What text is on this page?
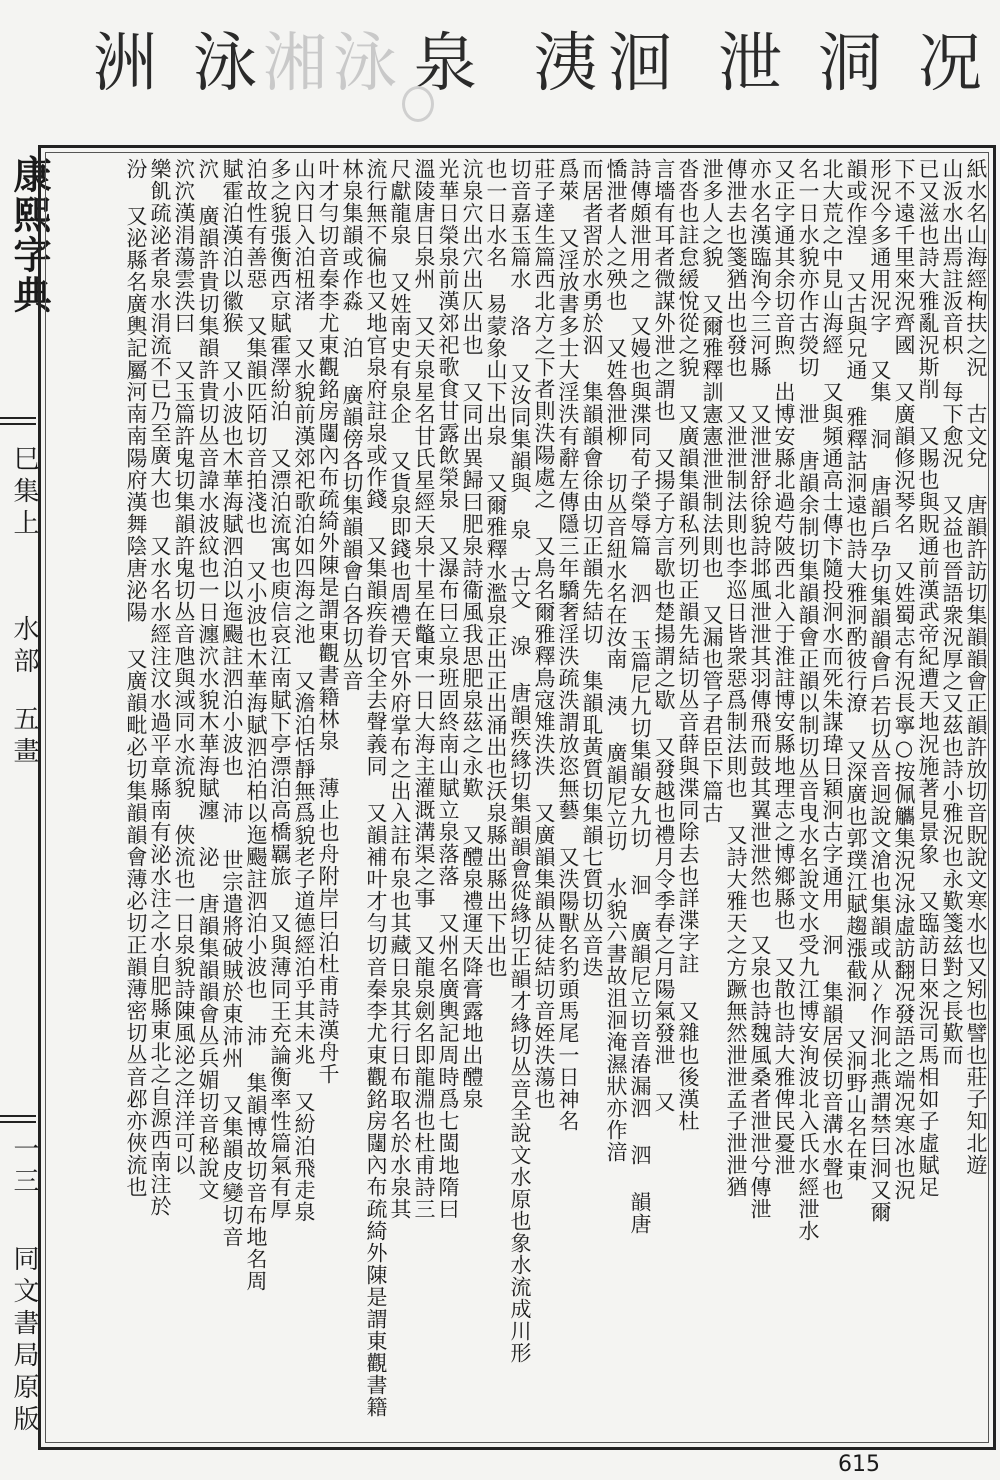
况
洞
泄
洄
洟
泉
泳
湘
泳
洲
康熙字典
巳集上
水部
五畫
一三
同文書局原版

紙水名山海經栒扶之況 古文兌 唐韻許訪切集韻韻會正韻許放切音貺說文寒水也又矧也譬也莊子知北遊

山汳水出焉註汳音枳 每下愈況 又益也晉語衆況厚之又茲也詩小雅況也永歎箋兹對之長歎而

已又滋也詩大雅亂況斯削 又賜也與貺通前漢武帝紀遭天地況施著見景象 又臨訪日來況司馬相如子虛賦足

下不遠千里來況齊國 又廣韻修況琴名 又姓蜀志有況長寧○按佩觿集況况泳虛訪翻况發語之端况寒冰也況

形況今多通用況字 又集 洞 唐韻戶孕切集韻韻會戶若切丛音迥說文滄也集韻或从冫作泂北燕謂禁曰泂又爾

韻或作湟 又古與兄通 雅釋詁泂遠也詩大雅泂酌彼行潦 又深廣也郭璞江賦趨漲截泂 又泂野山名在東

北大荒之中見山海經 又與頻通高士傳卞隨投泂水而死朱謀瑋日穎泂古字通用 泂 集韻居侯切音溝水聲也

名一日水貌亦作古熒切 泄 唐韻余制切集韻韻會正韻以制切丛音曳水名說文水受九江博安洵波北入氏水經泄水

又正字通其余切音煦 出博安縣北過芍陂西北入于淮註博安縣地理志之博鄉縣也 又散也詩大雅俾民憂泄

亦水名漢臨洵今三河縣 又泄泄舒徐貌詩邶風泄泄其羽傳飛而鼓其翼泄泄然也 又泉也詩魏風桑者泄泄兮傳泄

傳泄去也箋猶出也發也 又泄泄制法則也李巡日皆衆惡爲制法則也 又詩大雅天之方蹶無然泄泄孟子泄泄猶

泄多人之貌 又爾雅釋訓憲憲泄泄制法則也 又漏也管子君臣下篇古

沓沓也註怠緩悅從之貌 又廣韻集韻私列切正韻先結切丛音薛與渫同除去也詳渫字註 又雜也後漢杜

言墻有耳者微謀外泄之謂也 又揚子方言歇也楚揚謂之歇 又發越也禮月令季春之月陽氣發泄 又

詩傳頗泄用之 又嫚也與渫同荀子榮辱篇 泗 玉篇尼九切集韻女九切 洄 廣韻尼立切音湷漏泗 泗 韻唐

憍泄者人之殃也 又姓魯泄柳 切丛音紐水名在汝南 洟 廣韻尼立切 水貌六書故沮洄淹濕狀亦作湆

而居者習於水勇於泅 集韻韻會徐由切正韻先結切 集韻耴黃質切集韻七質切丛音迭

爲萊 又淫放書多士大淫泆有辭左傳隱三年驕奢淫泆疏泆謂放恣無藝 又泆陽獸名豹頭馬尾一日神名

莊子達生篇西北方之下者則泆陽處之 又鳥名爾雅釋鳥寇雉泆泆 又廣韻集韻丛徒結切音姪泆蕩也

切音嘉玉篇水 洛 又汝同集韻與 泉 古文 湶 唐韻疾緣切集韻韻會從緣切正韻才緣切丛音全說文水原也象水流成川形

也一日水名 易蒙象山下出泉 又爾雅釋水濫泉正出正出涌出也沃泉縣出縣出下出也

沆泉穴出穴出仄出也 又同出異歸曰肥泉詩衞風我思肥泉茲之永歎 又醴泉禮運天降膏露地出醴泉

光華日榮泉前漢郊祀歌食甘露飲榮泉 又瀑布曰立泉班固終南山賦立泉落落 又州名廣輿記周時爲七閩地隋曰

溫陵唐日泉州 又天泉星名甘氏星經天泉十星在鼈東一日大海主灌溉溝渠之事 又龍泉劍名即龍淵也杜甫詩三

尺獻龍泉 又姓南史有泉企 又貨泉即錢也周禮天官外府掌布之出入註布泉也其藏日泉其行日布取名於水泉其

流行無不徧也又地官泉府註泉或作錢 又集韻疾眷切全去聲義同 又韻補叶才勻切音秦李尤東觀銘房闥內布疏綺外陳是謂東觀書籍林泉集韻或作淼 泊 廣韻傍各切集韻韻會白各切丛音

叶才勻切音秦李尤東觀銘房闥內布疏綺外陳是謂東觀書籍林泉 薄止也舟附岸曰泊杜甫詩漢舟千

山內日入泊杻渚 又水貌前漢郊祀歌泊如四海之池 又澹泊恬靜無爲貌老子道德經泊乎其未兆 又紛泊飛走泉

多之貌張衡西京賦霍澤紛泊 又漂泊流寓也庾信哀江南賦下亭漂泊高橋羈旅 又與薄同王充論衡率性篇氣有厚

泊故性有善惡 又集韻匹陌切音拍淺也 又小波也木華海賦泗泊柏以迤颺註泗泊小波也 沛 集韻博故切音布地名周

賦霍泊漢泊以徽猴 又小波也木華海賦泗泊以迤颺註泗泊小波也 沛 世宗遣將破賊於東沛州 又集韻皮變切音

泬 廣韻許貴切集韻許貴切丛音諱水波紋也一日瀍泬水貌木華海賦瀍 泌 唐韻集韻韻會丛兵媚切音秘說文

泬泬漢涓蕩雲泆曰 又玉篇許鬼切集韻許鬼切丛音虺與淢同水流貌 俠流也一日泉貌詩陳風泌之洋洋可以

樂飢疏泌者泉水涓流不已乃至廣大也 又水名水經注汶水過平章縣南有泌水注之水自肥縣東北之自源西南注於

汾 又泌縣名廣輿記屬河南南陽府漢舞陰唐泌陽 又廣韻毗必切集韻韻會薄必切正韻薄密切丛音邲亦俠流也

615
